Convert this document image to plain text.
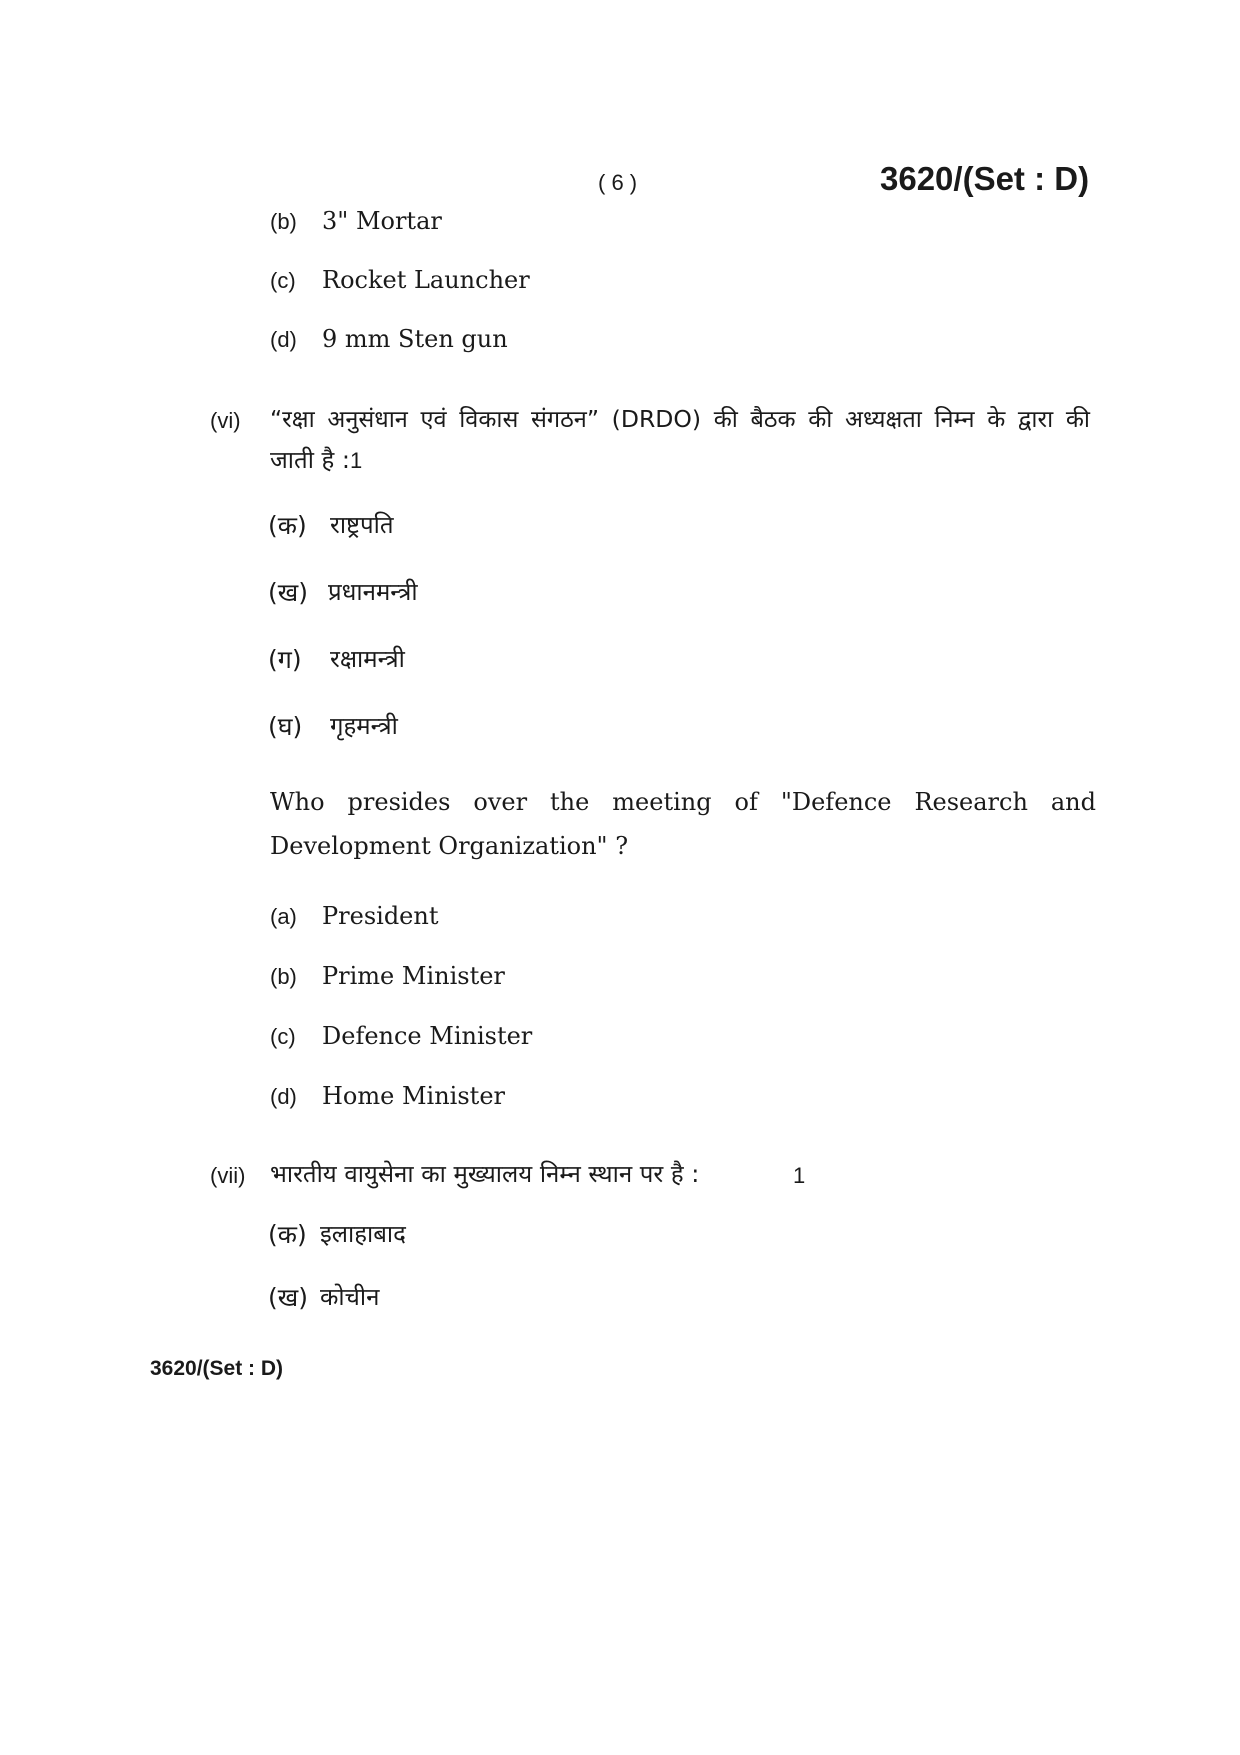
( 6 )	3620/(Set : D)
(b) 3" Mortar
(c) Rocket Launcher
(d) 9 mm Sten gun
(vi) “रक्षा अनुसंधान एवं विकास संगठन” (DRDO) की बैठक की अध्यक्षता निम्न के द्वारा की
जाती है :1
(क) राष्ट्रपति
(ख) प्रधानमन्त्री
(ग) रक्षामन्त्री
(घ) गृहमन्त्री
Who presides over the meeting of "Defence Research and
Development Organization" ?
(a) President
(b) Prime Minister
(c) Defence Minister
(d) Home Minister
(vii) भारतीय वायुसेना का मुख्यालय निम्न स्थान पर है :	1
(क) इलाहाबाद
(ख) कोचीन
3620/(Set : D)
